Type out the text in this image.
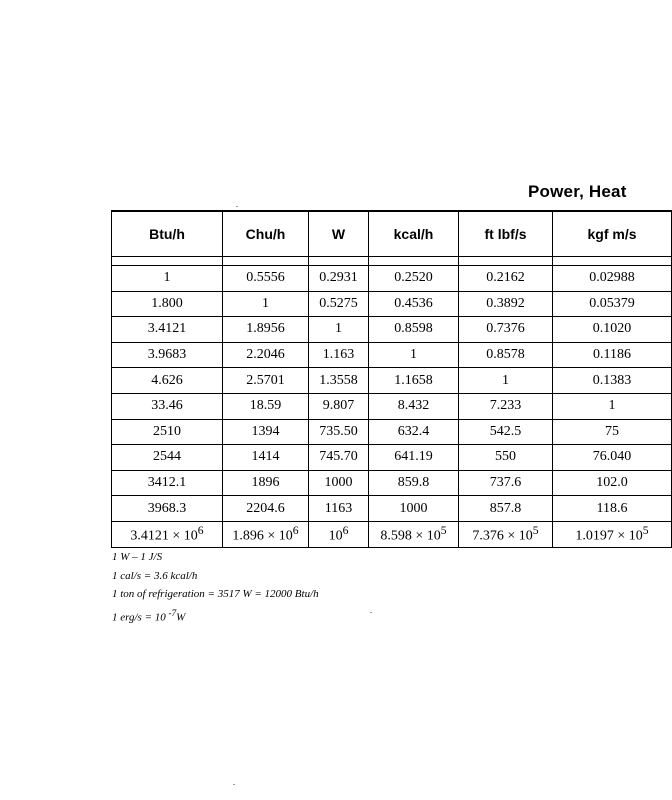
Power, Heat
Btu/h	Chu/h	W	kcal/h	ft lbf/s	kgf m/s

1	0.5556	0.2931	0.2520	0.2162	0.02988
1.800	1	0.5275	0.4536	0.3892	0.05379
3.4121	1.8956	1	0.8598	0.7376	0.1020
3.9683	2.2046	1.163	1	0.8578	0.1186
4.626	2.5701	1.3558	1.1658	1	0.1383
33.46	18.59	9.807	8.432	7.233	1
2510	1394	735.50	632.4	542.5	75
2544	1414	745.70	641.19	550	76.040
3412.1	1896	1000	859.8	737.6	102.0
3968.3	2204.6	1163	1000	857.8	118.6
$3.4121 \times 10^6$	$1.896 \times 10^6$	$10^6$	$8.598 \times 10^5$	$7.376 \times 10^5$	$1.0197 \times 10^5$
1 W – 1 J/S
1 cal/s = 3.6 kcal/h
1 ton of refrigeration = 3517 W = 12000 Btu/h
1 erg/s = 10 $^{-7}$W
